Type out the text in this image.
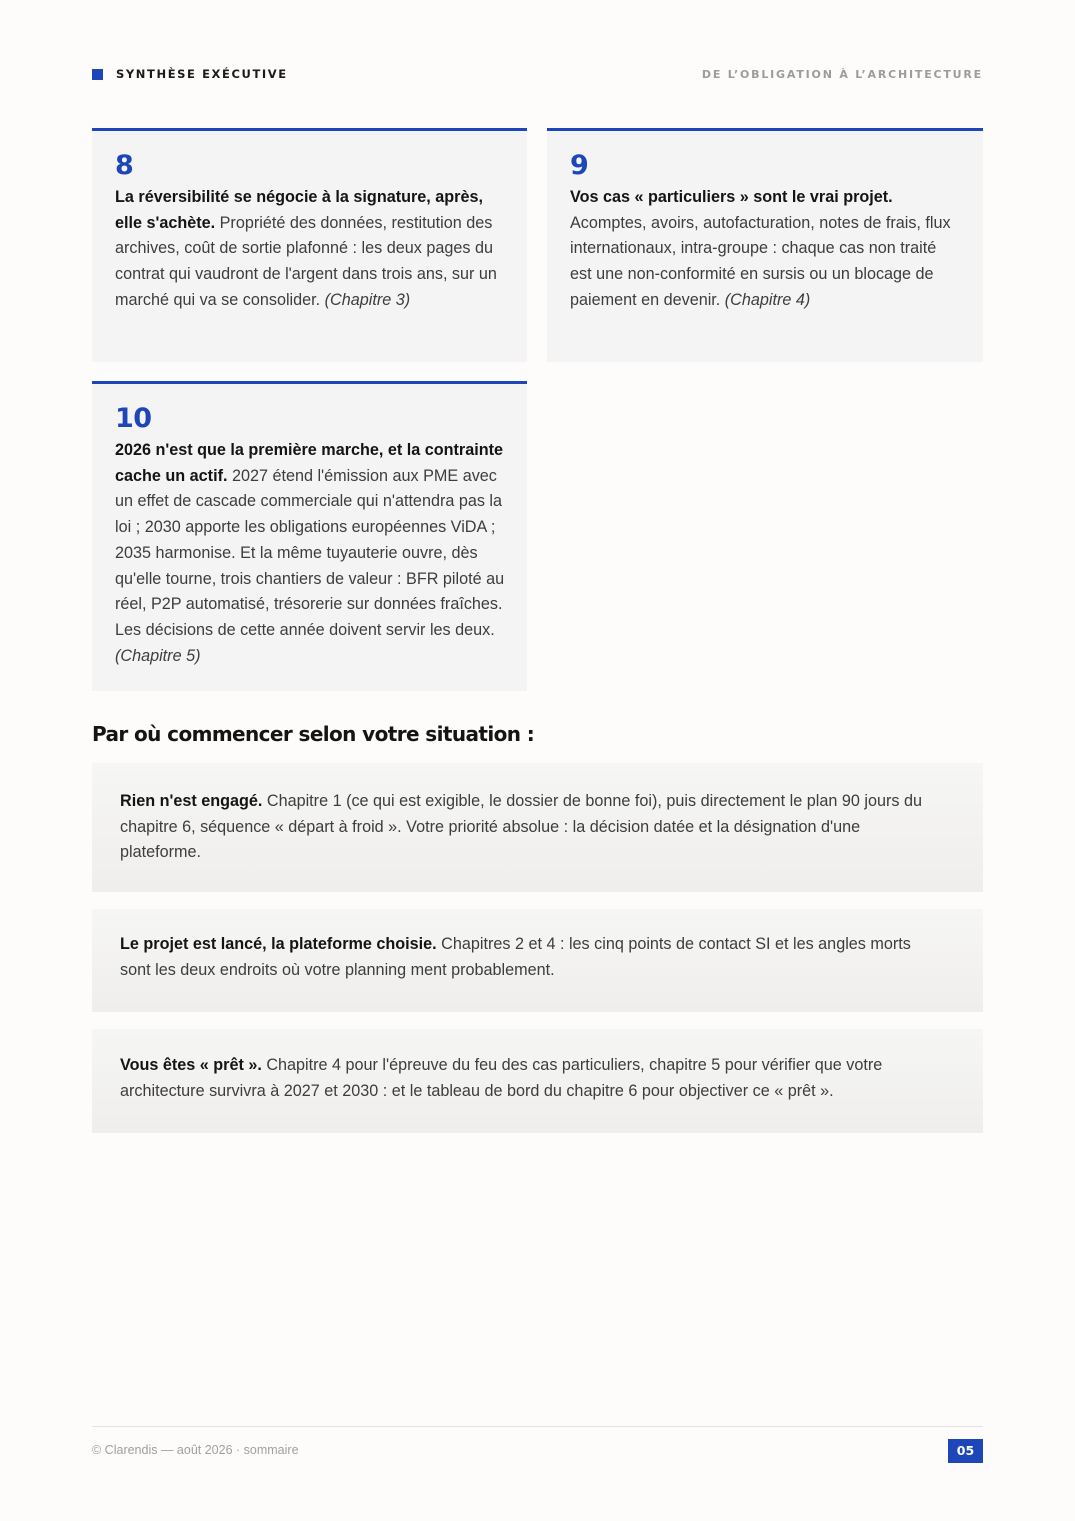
SYNTHÈSE EXÉCUTIVE	DE L’OBLIGATION À L’ARCHITECTURE
8
La réversibilité se négocie à la signature, après, elle s'achète. Propriété des données, restitution des archives, coût de sortie plafonné : les deux pages du contrat qui vaudront de l'argent dans trois ans, sur un marché qui va se consolider. (Chapitre 3)
9
Vos cas « particuliers » sont le vrai projet. Acomptes, avoirs, autofacturation, notes de frais, flux internationaux, intra-groupe : chaque cas non traité est une non-conformité en sursis ou un blocage de paiement en devenir. (Chapitre 4)
10
2026 n'est que la première marche, et la contrainte cache un actif. 2027 étend l'émission aux PME avec un effet de cascade commerciale qui n'attendra pas la loi ; 2030 apporte les obligations européennes ViDA ; 2035 harmonise. Et la même tuyauterie ouvre, dès qu'elle tourne, trois chantiers de valeur : BFR piloté au réel, P2P automatisé, trésorerie sur données fraîches. Les décisions de cette année doivent servir les deux. (Chapitre 5)
Par où commencer selon votre situation :
Rien n'est engagé. Chapitre 1 (ce qui est exigible, le dossier de bonne foi), puis directement le plan 90 jours du chapitre 6, séquence « départ à froid ». Votre priorité absolue : la décision datée et la désignation d'une plateforme.
Le projet est lancé, la plateforme choisie. Chapitres 2 et 4 : les cinq points de contact SI et les angles morts sont les deux endroits où votre planning ment probablement.
Vous êtes « prêt ». Chapitre 4 pour l'épreuve du feu des cas particuliers, chapitre 5 pour vérifier que votre architecture survivra à 2027 et 2030 : et le tableau de bord du chapitre 6 pour objectiver ce « prêt ».
© Clarendis — août 2026 · sommaire	05
